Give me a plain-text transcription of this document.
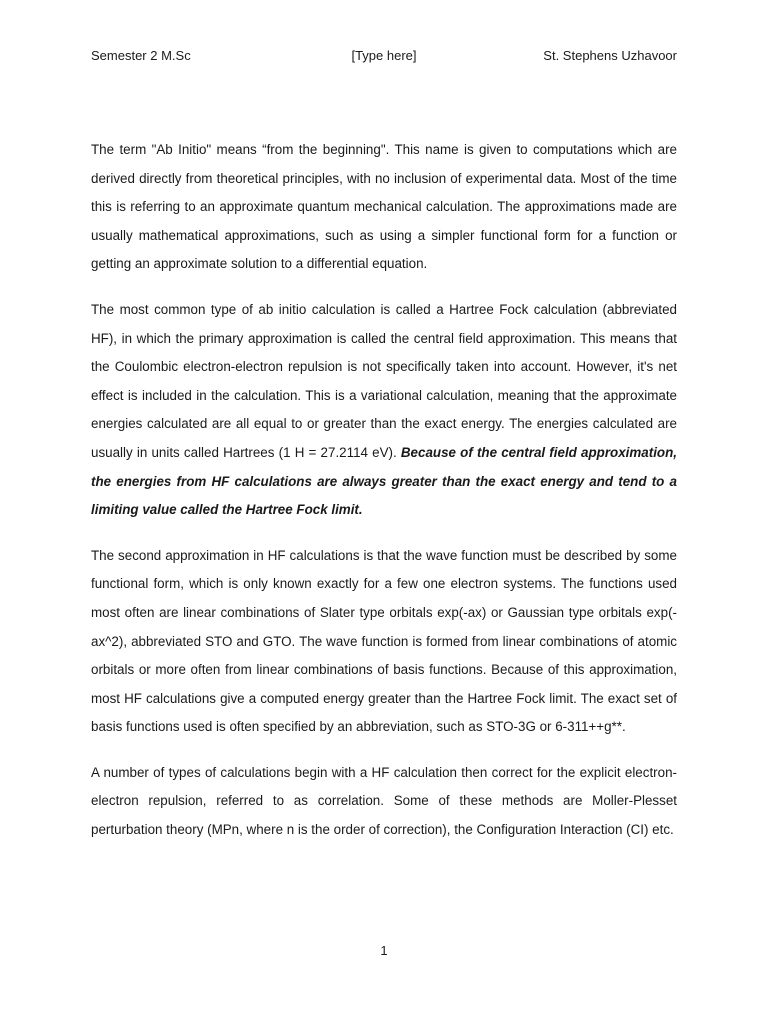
Semester 2 M.Sc	[Type here]	St. Stephens Uzhavoor

The term "Ab Initio" means “from the beginning". This name is given to computations which are derived directly from theoretical principles, with no inclusion of experimental data. Most of the time this is referring to an approximate quantum mechanical calculation. The approximations made are usually mathematical approximations, such as using a simpler functional form for a function or getting an approximate solution to a differential equation.

The most common type of ab initio calculation is called a Hartree Fock calculation (abbreviated HF), in which the primary approximation is called the central field approximation. This means that the Coulombic electron-electron repulsion is not specifically taken into account. However, it's net effect is included in the calculation. This is a variational calculation, meaning that the approximate energies calculated are all equal to or greater than the exact energy. The energies calculated are usually in units called Hartrees (1 H = 27.2114 eV). Because of the central field approximation, the energies from HF calculations are always greater than the exact energy and tend to a limiting value called the Hartree Fock limit.

The second approximation in HF calculations is that the wave function must be described by some functional form, which is only known exactly for a few one electron systems. The functions used most often are linear combinations of Slater type orbitals exp(-ax) or Gaussian type orbitals exp(-ax^2), abbreviated STO and GTO. The wave function is formed from linear combinations of atomic orbitals or more often from linear combinations of basis functions. Because of this approximation, most HF calculations give a computed energy greater than the Hartree Fock limit. The exact set of basis functions used is often specified by an abbreviation, such as STO-3G or 6-311++g**.

A number of types of calculations begin with a HF calculation then correct for the explicit electron-electron repulsion, referred to as correlation. Some of these methods are Moller-Plesset perturbation theory (MPn, where n is the order of correction), the Configuration Interaction (CI) etc.

1
